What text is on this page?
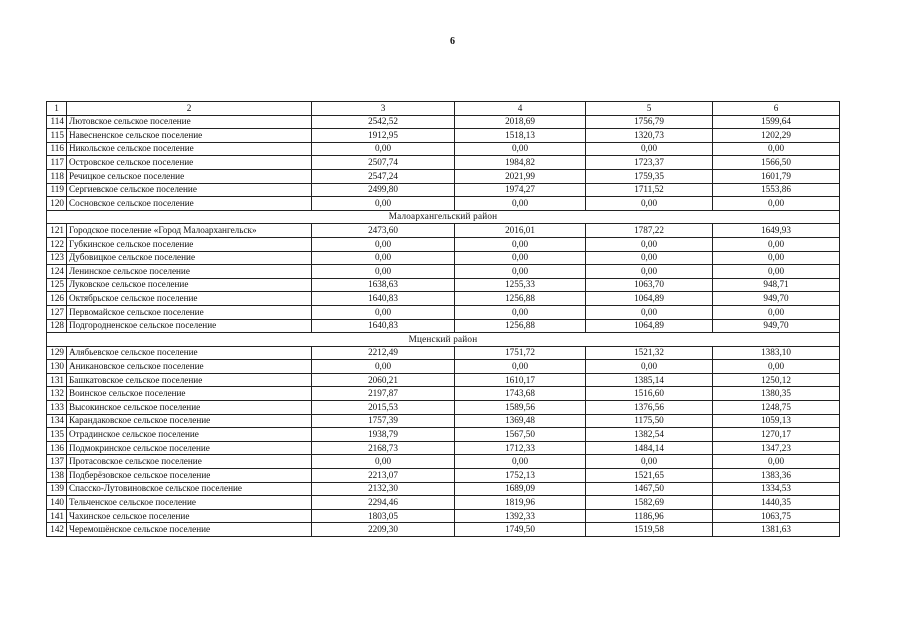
6
1	2	3	4	5	6
114	Лютовское сельское поселение	2542,52	2018,69	1756,79	1599,64
115	Навесненское сельское поселение	1912,95	1518,13	1320,73	1202,29
116	Никольское сельское поселение	0,00	0,00	0,00	0,00
117	Островское сельское поселение	2507,74	1984,82	1723,37	1566,50
118	Речицкое сельское поселение	2547,24	2021,99	1759,35	1601,79
119	Сергиевское сельское поселение	2499,80	1974,27	1711,52	1553,86
120	Сосновское сельское поселение	0,00	0,00	0,00	0,00
Малоархангельский район					
121	Городское поселение «Город Малоархангельск»	2473,60	2016,01	1787,22	1649,93
122	Губкинское сельское поселение	0,00	0,00	0,00	0,00
123	Дубовицкое сельское поселение	0,00	0,00	0,00	0,00
124	Ленинское сельское поселение	0,00	0,00	0,00	0,00
125	Луковское сельское поселение	1638,63	1255,33	1063,70	948,71
126	Октябрьское сельское поселение	1640,83	1256,88	1064,89	949,70
127	Первомайское сельское поселение	0,00	0,00	0,00	0,00
128	Подгородненское сельское поселение	1640,83	1256,88	1064,89	949,70
Мценский район					
129	Алябьевское сельское поселение	2212,49	1751,72	1521,32	1383,10
130	Аникановское сельское поселение	0,00	0,00	0,00	0,00
131	Башкатовское сельское поселение	2060,21	1610,17	1385,14	1250,12
132	Воинское сельское поселение	2197,87	1743,68	1516,60	1380,35
133	Высокинское сельское поселение	2015,53	1589,56	1376,56	1248,75
134	Карандаковское сельское поселение	1757,39	1369,48	1175,50	1059,13
135	Отрадинское сельское поселение	1938,79	1567,50	1382,54	1270,17
136	Подмокринское сельское поселение	2168,73	1712,33	1484,14	1347,23
137	Протасовское сельское поселение	0,00	0,00	0,00	0,00
138	Подберёзовское сельское поселение	2213,07	1752,13	1521,65	1383,36
139	Спасско-Лутовиновское сельское поселение	2132,30	1689,09	1467,50	1334,53
140	Тельченское сельское поселение	2294,46	1819,96	1582,69	1440,35
141	Чахинское сельское поселение	1803,05	1392,33	1186,96	1063,75
142	Черемошёнское сельское поселение	2209,30	1749,50	1519,58	1381,63
